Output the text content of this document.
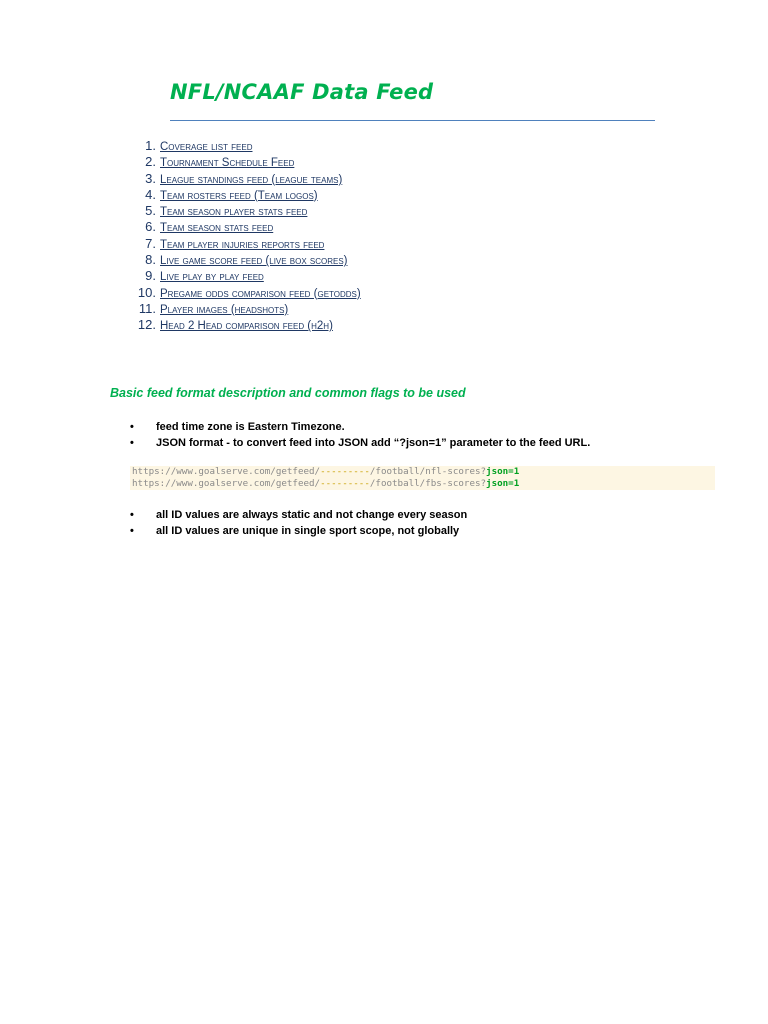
NFL/NCAAF Data Feed
1. Coverage list feed
2. Tournament Schedule Feed
3. League standings feed (league teams)
4. Team rosters feed (Team logos)
5. Team season player stats feed
6. Team season stats feed
7. Team player injuries reports feed
8. Live game score feed (live box scores)
9. Live play by play feed
10. Pregame odds comparison feed (getodds)
11. Player images (headshots)
12. Head 2 Head comparison feed (h2h)
Basic feed format description and common flags to be used
• feed time zone is Eastern Timezone.
• JSON format - to convert feed into JSON add “?json=1” parameter to the feed URL.
https://www.goalserve.com/getfeed/---------/football/nfl-scores?json=1
https://www.goalserve.com/getfeed/---------/football/fbs-scores?json=1
• all ID values are always static and not change every season
• all ID values are unique in single sport scope, not globally
